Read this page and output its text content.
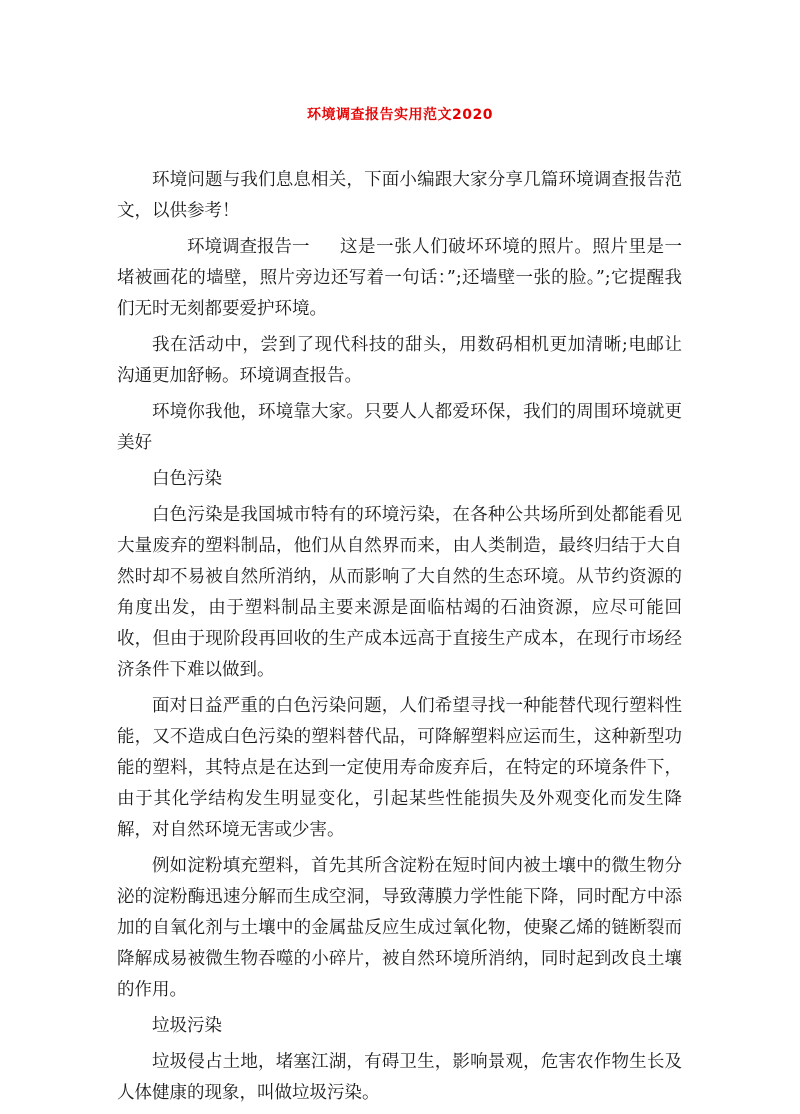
环境调查报告实用范文2020

环境问题与我们息息相关，下面小编跟大家分享几篇环境调查报告范文，以供参考！

环境调查报告一 这是一张人们破坏环境的照片。照片里是一堵被画花的墙壁，照片旁边还写着一句话：”;还墙壁一张的脸。”;它提醒我们无时无刻都要爱护环境。

我在活动中，尝到了现代科技的甜头，用数码相机更加清晰;电邮让沟通更加舒畅。环境调查报告。

环境你我他，环境靠大家。只要人人都爱环保，我们的周围环境就更美好

白色污染

白色污染是我国城市特有的环境污染，在各种公共场所到处都能看见大量废弃的塑料制品，他们从自然界而来，由人类制造，最终归结于大自然时却不易被自然所消纳，从而影响了大自然的生态环境。从节约资源的角度出发，由于塑料制品主要来源是面临枯竭的石油资源，应尽可能回收，但由于现阶段再回收的生产成本远高于直接生产成本，在现行市场经济条件下难以做到。

面对日益严重的白色污染问题，人们希望寻找一种能替代现行塑料性能，又不造成白色污染的塑料替代品，可降解塑料应运而生，这种新型功能的塑料，其特点是在达到一定使用寿命废弃后，在特定的环境条件下，由于其化学结构发生明显变化，引起某些性能损失及外观变化而发生降解，对自然环境无害或少害。

例如淀粉填充塑料，首先其所含淀粉在短时间内被土壤中的微生物分泌的淀粉酶迅速分解而生成空洞，导致薄膜力学性能下降，同时配方中添加的自氧化剂与土壤中的金属盐反应生成过氧化物，使聚乙烯的链断裂而降解成易被微生物吞噬的小碎片，被自然环境所消纳，同时起到改良土壤的作用。

垃圾污染

垃圾侵占土地，堵塞江湖，有碍卫生，影响景观，危害农作物生长及人体健康的现象，叫做垃圾污染。
